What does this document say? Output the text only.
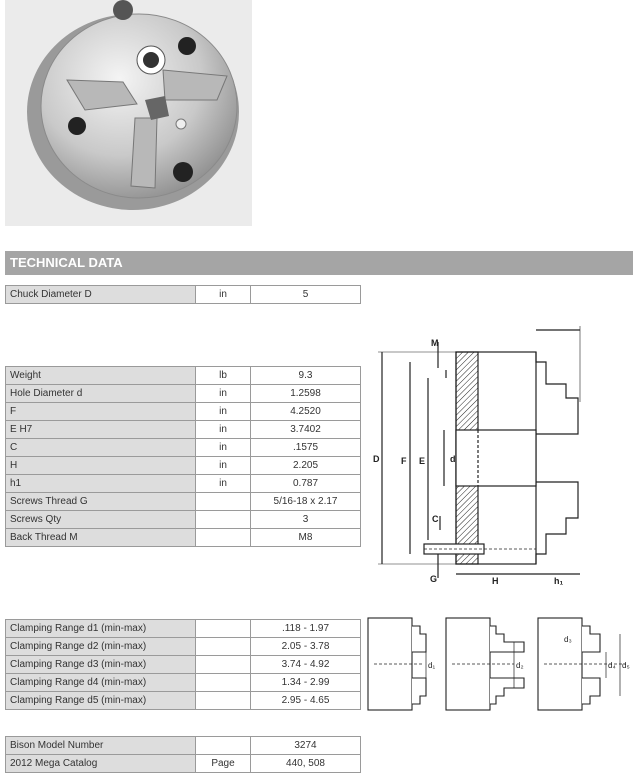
TECHNICAL DATA
Chuck Diameter D	in	5
Weight	lb	9.3
Hole Diameter d	in	1.2598
F	in	4.2520
E H7	in	3.7402
C	in	.1575
H	in	2.205
h1	in	0.787
Screws Thread G		5/16-18 x 2.17
Screws Qty		3
Back Thread M		M8
D F E	d
C
M
G	H	h₁
Clamping Range d1 (min-max)		.118 - 1.97
Clamping Range d2 (min-max)		2.05 - 3.78
Clamping Range d3 (min-max)		3.74 - 4.92
Clamping Range d4 (min-max)		1.34 - 2.99
Clamping Range d5 (min-max)		2.95 - 4.65
d₁	d₂
d₃
d₄ d₅
Bison Model Number		3274
2012 Mega Catalog	Page	440, 508
